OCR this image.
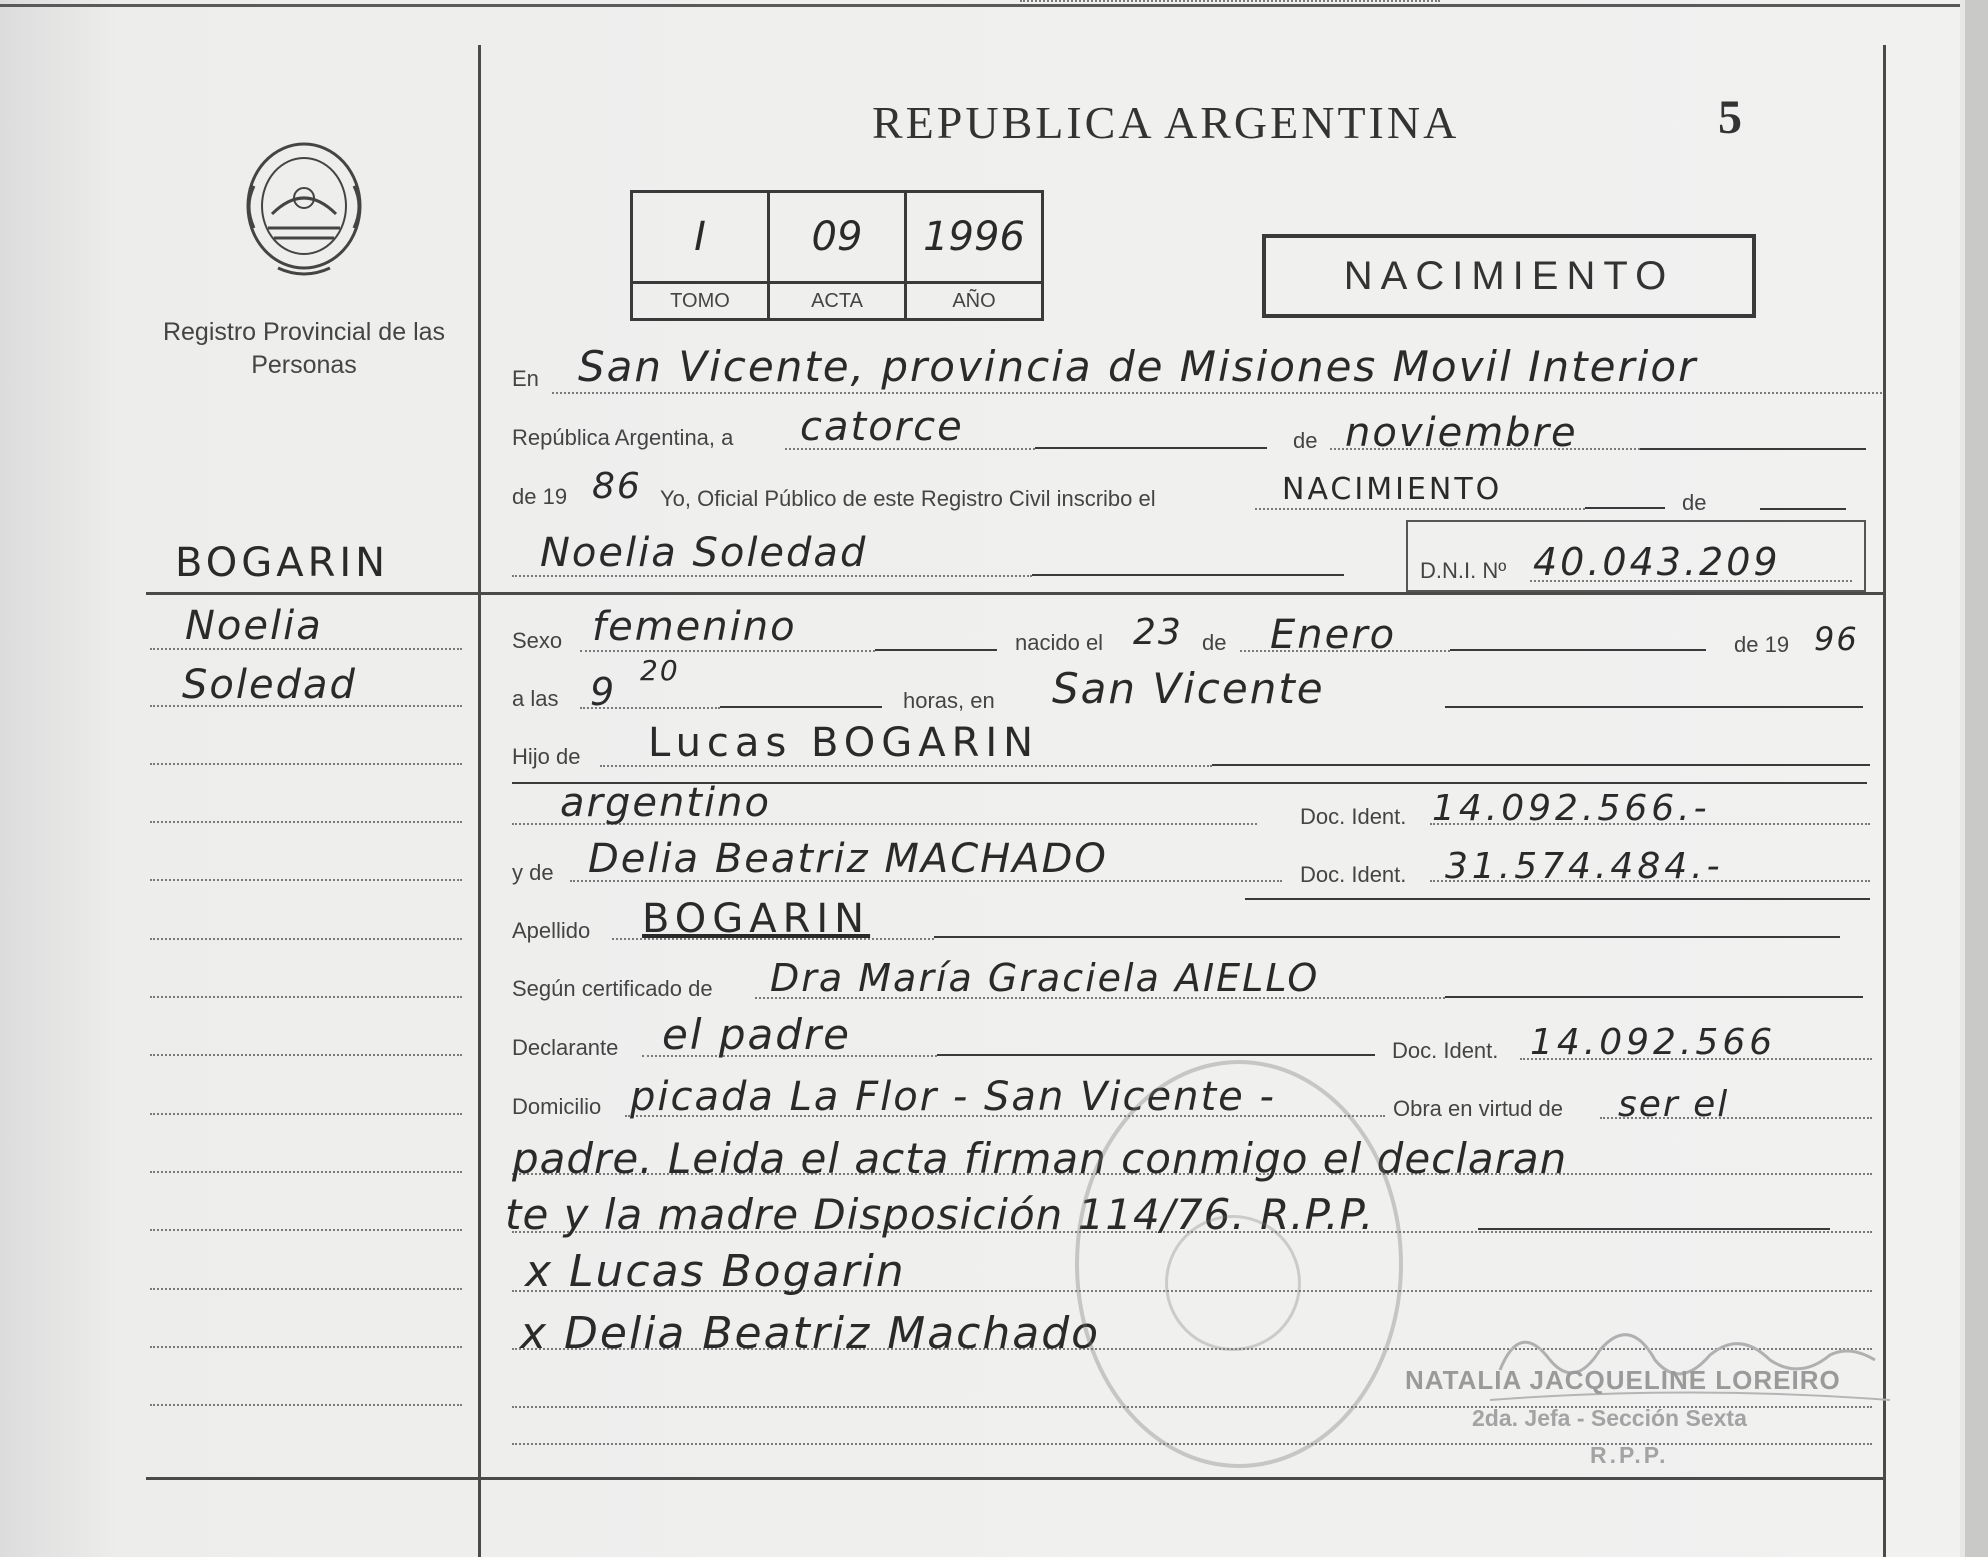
REPUBLICA ARGENTINA	5
Registro Provincial de las Personas
I	09	1996
TOMO	ACTA	AÑO
NACIMIENTO
BOGARIN
Noelia
Soledad
En San Vicente, provincia de Misiones Movil Interior
República Argentina, a catorce	de noviembre
de 19 86 Yo, Oficial Público de este Registro Civil inscribo el	NACIMIENTO	de
Noelia Soledad	D.N.I. Nº 40.043.209
Sexo femenino	nacido el 23 de Enero	de 19 96
a las 9 20
horas, en San Vicente
Hijo de Lucas BOGARIN
argentino	Doc. Ident. 14.092.566.-
y de Delia Beatriz MACHADO	Doc. Ident. 31.574.484.-
Apellido BOGARIN
Según certificado de Dra María Graciela AIELLO
Declarante el padre	Doc. Ident. 14.092.566
Domicilio picada La Flor - San Vicente -	Obra en virtud de ser el
padre. Leida el acta firman conmigo el declaran
te y la madre Disposición 114/76. R.P.P.
x Lucas Bogarin
x Delia Beatriz Machado
NATALIA JACQUELINE LOREIRO
2da. Jefa - Sección Sexta
R.P.P.
